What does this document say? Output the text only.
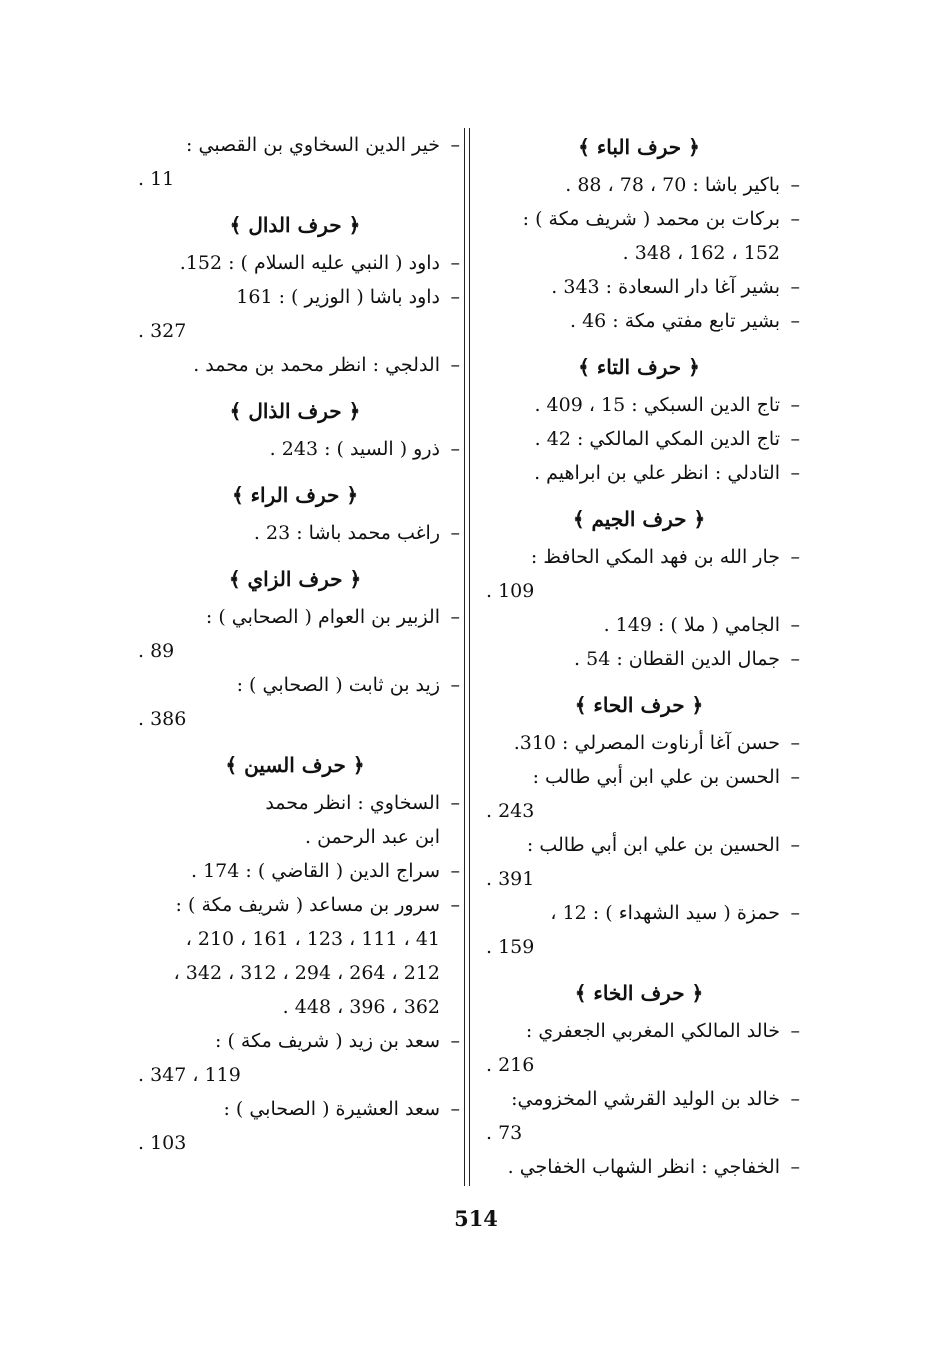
﴿ حرف الباء ﴾
–
باكير باشا : 70 ، 78 ، 88 .
–
بركات بن محمد ( شريف مكة ) :
152 ، 162 ، 348 .
–
بشير آغا دار السعادة : 343 .
–
بشير تابع مفتي مكة : 46 .
﴿ حرف التاء ﴾
–
تاج الدين السبكي : 15 ، 409 .
–
تاج الدين المكي المالكي : 42 .
–
التادلي : انظر علي بن ابراهيم .
﴿ حرف الجيم ﴾
–
جار الله بن فهد المكي الحافظ :
109 .
–
الجامي ( ملا ) : 149 .
–
جمال الدين القطان : 54 .
﴿ حرف الحاء ﴾
–
حسن آغا أرناوت المصرلي : 310.
–
الحسن بن علي ابن أبي طالب :
243 .
–
الحسين بن علي ابن أبي طالب :
391 .
–
حمزة ( سيد الشهداء ) : 12 ،
159 .
﴿ حرف الخاء ﴾
–
خالد المالكي المغربي الجعفري :
216 .
–
خالد بن الوليد القرشي المخزومي:
73 .
–
الخفاجي : انظر الشهاب الخفاجي .
–
خير الدين السخاوي بن القصبي :
11 .
﴿ حرف الدال ﴾
–
داود ( النبي عليه السلام ) : 152.
–
داود باشا ( الوزير ) : 161
327 .
–
الدلجي : انظر محمد بن محمد .
﴿ حرف الذال ﴾
–
ذرو ( السيد ) : 243 .
﴿ حرف الراء ﴾
–
راغب محمد باشا : 23 .
﴿ حرف الزاي ﴾
–
الزبير بن العوام ( الصحابي ) :
89 .
–
زيد بن ثابت ( الصحابي ) :
386 .
﴿ حرف السين ﴾
–
السخاوي : انظر محمد
ابن عبد الرحمن .
–
سراج الدين ( القاضي ) : 174 .
–
سرور بن مساعد ( شريف مكة ) :
41 ، 111 ، 123 ، 161 ، 210 ،
212 ، 264 ، 294 ، 312 ، 342 ،
362 ، 396 ، 448 .
–
سعد بن زيد ( شريف مكة ) :
119 ، 347 .
–
سعد العشيرة ( الصحابي ) :
103 .
514
